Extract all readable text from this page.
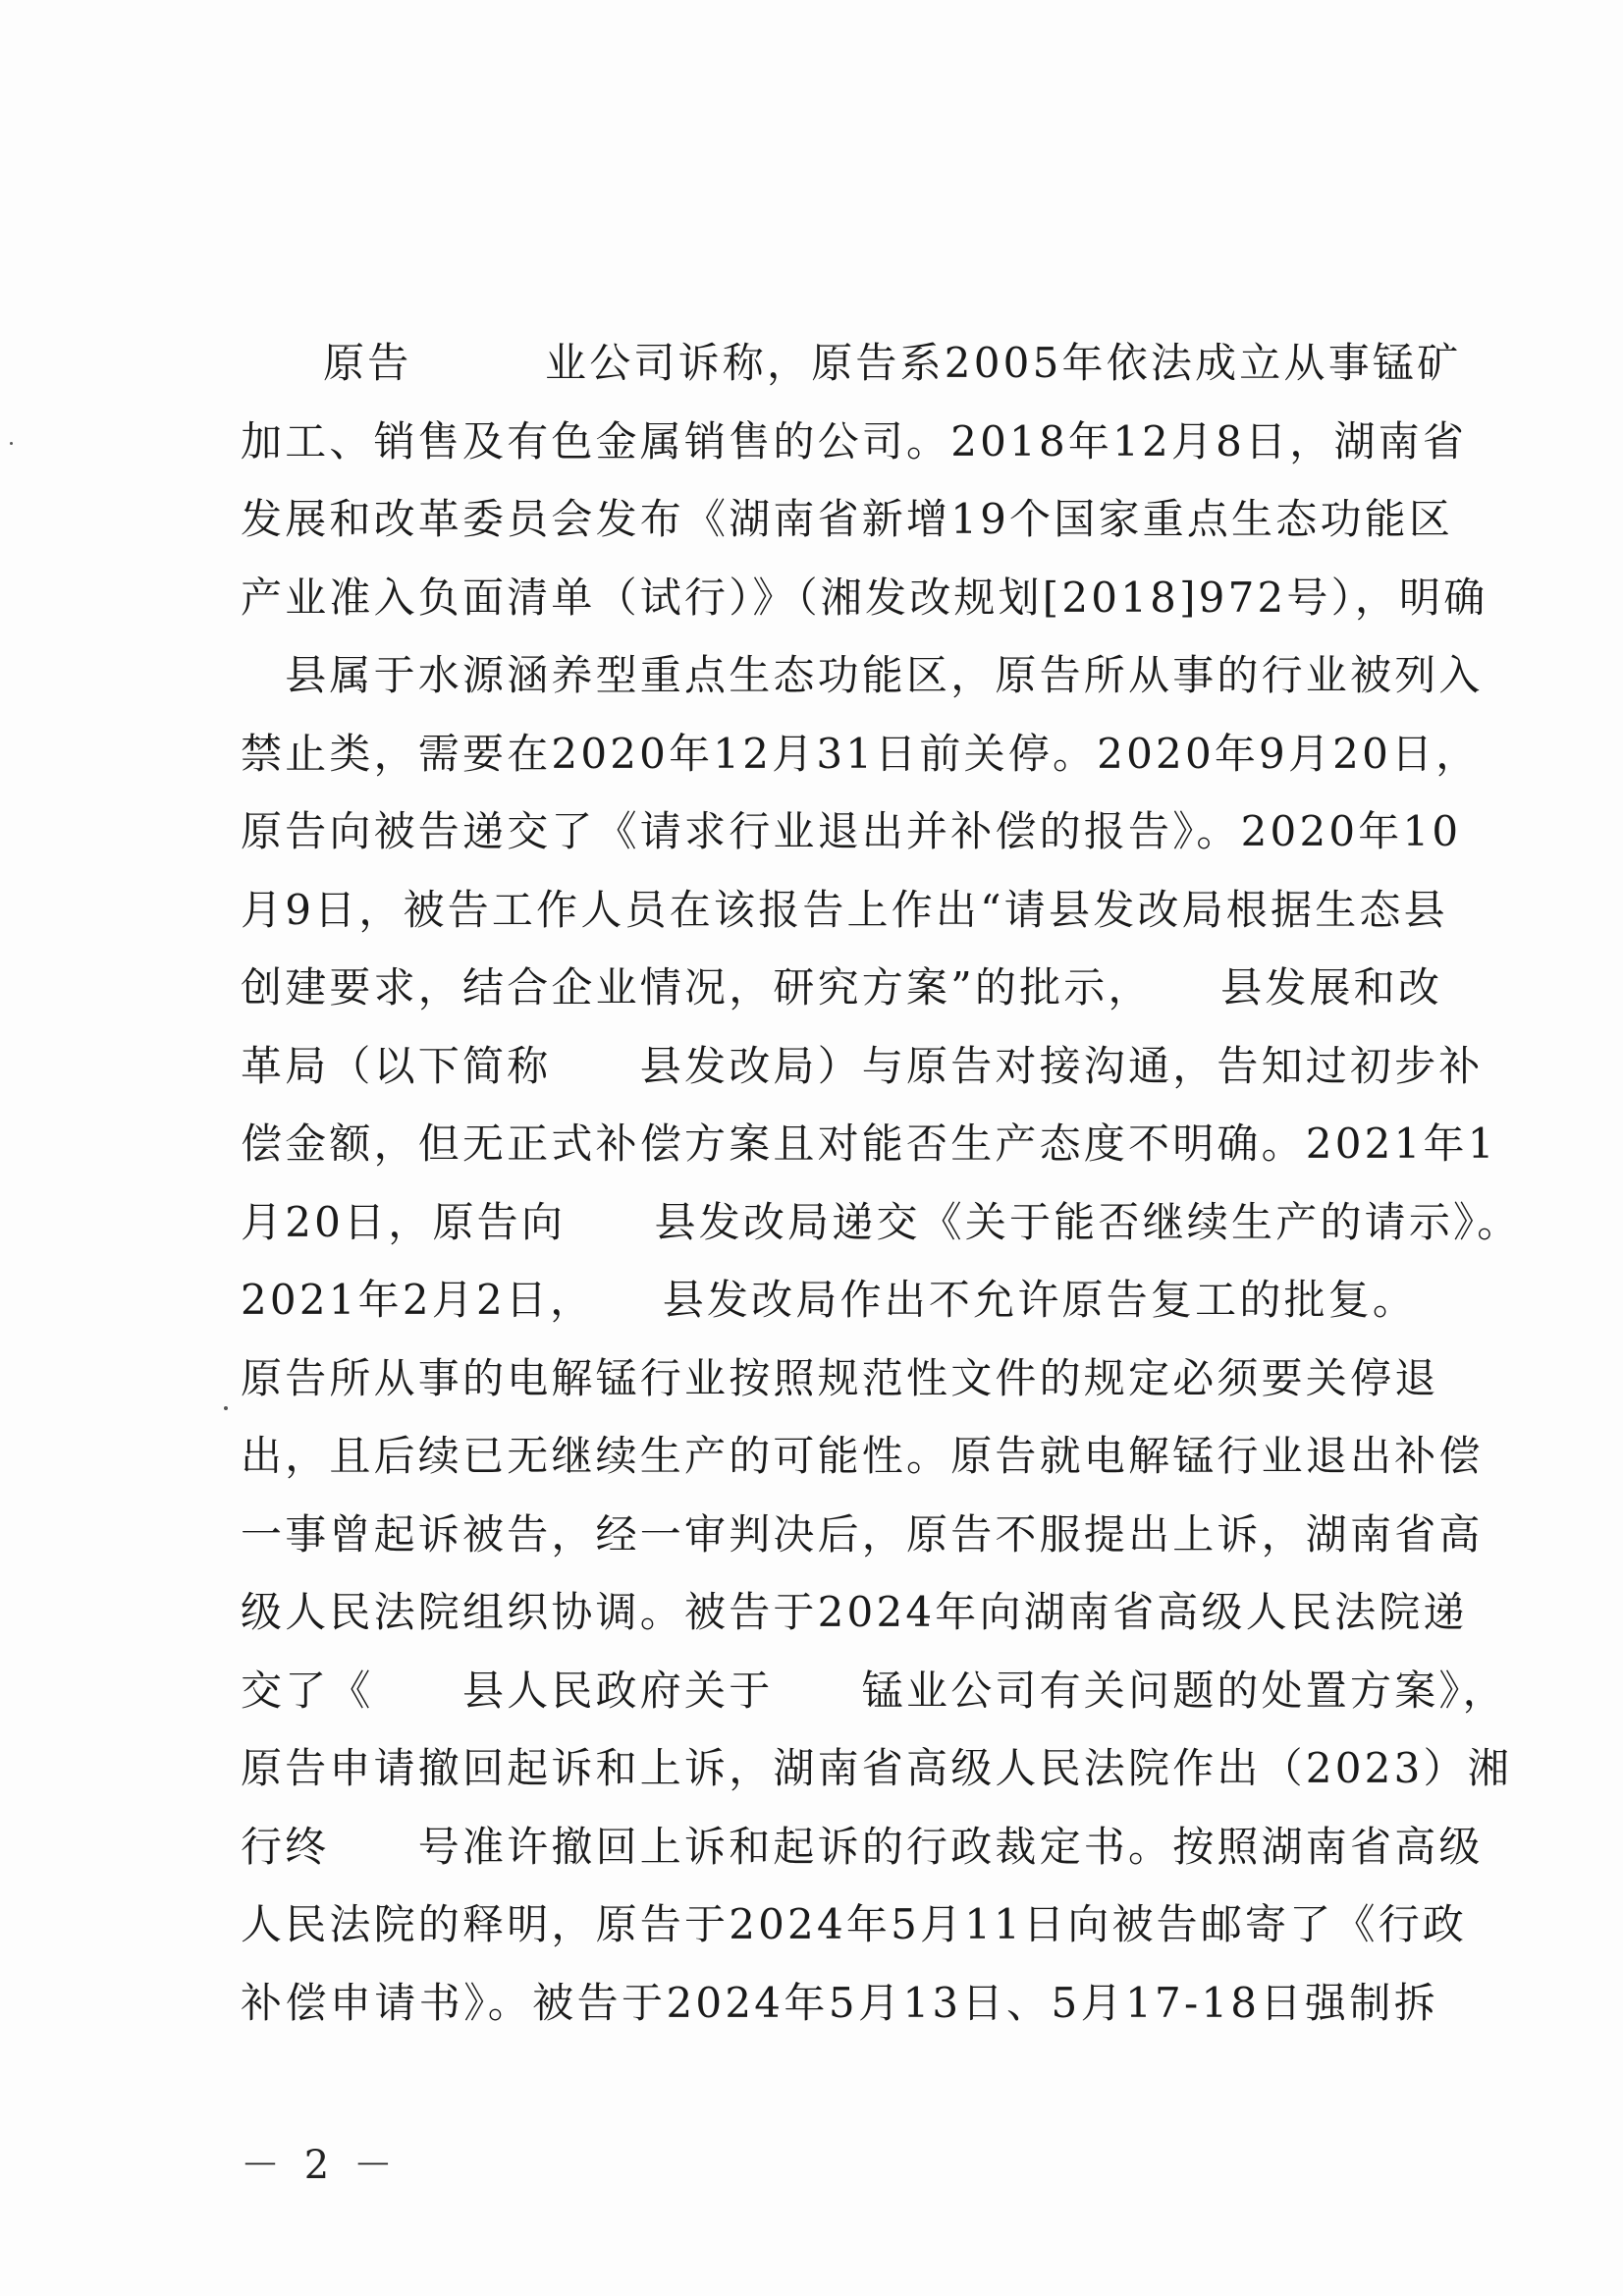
原告　　　业公司诉称，原告系2005年依法成立从事锰矿
加工、销售及有色金属销售的公司。2018年12月8日，湖南省
发展和改革委员会发布《湖南省新增19个国家重点生态功能区
产业准入负面清单（试行）》（湘发改规划[2018]972号），明确
　县属于水源涵养型重点生态功能区，原告所从事的行业被列入
禁止类，需要在2020年12月31日前关停。2020年9月20日，
原告向被告递交了《请求行业退出并补偿的报告》。2020年10
月9日，被告工作人员在该报告上作出“请县发改局根据生态县
创建要求，结合企业情况，研究方案”的批示，　　县发展和改
革局（以下简称　　县发改局）与原告对接沟通，告知过初步补
偿金额，但无正式补偿方案且对能否生产态度不明确。2021年1
月20日，原告向　　县发改局递交《关于能否继续生产的请示》。
2021年2月2日，　　县发改局作出不允许原告复工的批复。
原告所从事的电解锰行业按照规范性文件的规定必须要关停退
出，且后续已无继续生产的可能性。原告就电解锰行业退出补偿
一事曾起诉被告，经一审判决后，原告不服提出上诉，湖南省高
级人民法院组织协调。被告于2024年向湖南省高级人民法院递
交了《　　县人民政府关于　　锰业公司有关问题的处置方案》，
原告申请撤回起诉和上诉，湖南省高级人民法院作出（2023）湘
行终　　号准许撤回上诉和起诉的行政裁定书。按照湖南省高级
人民法院的释明，原告于2024年5月11日向被告邮寄了《行政
补偿申请书》。被告于2024年5月13日、5月17-18日强制拆
－ 2 －
